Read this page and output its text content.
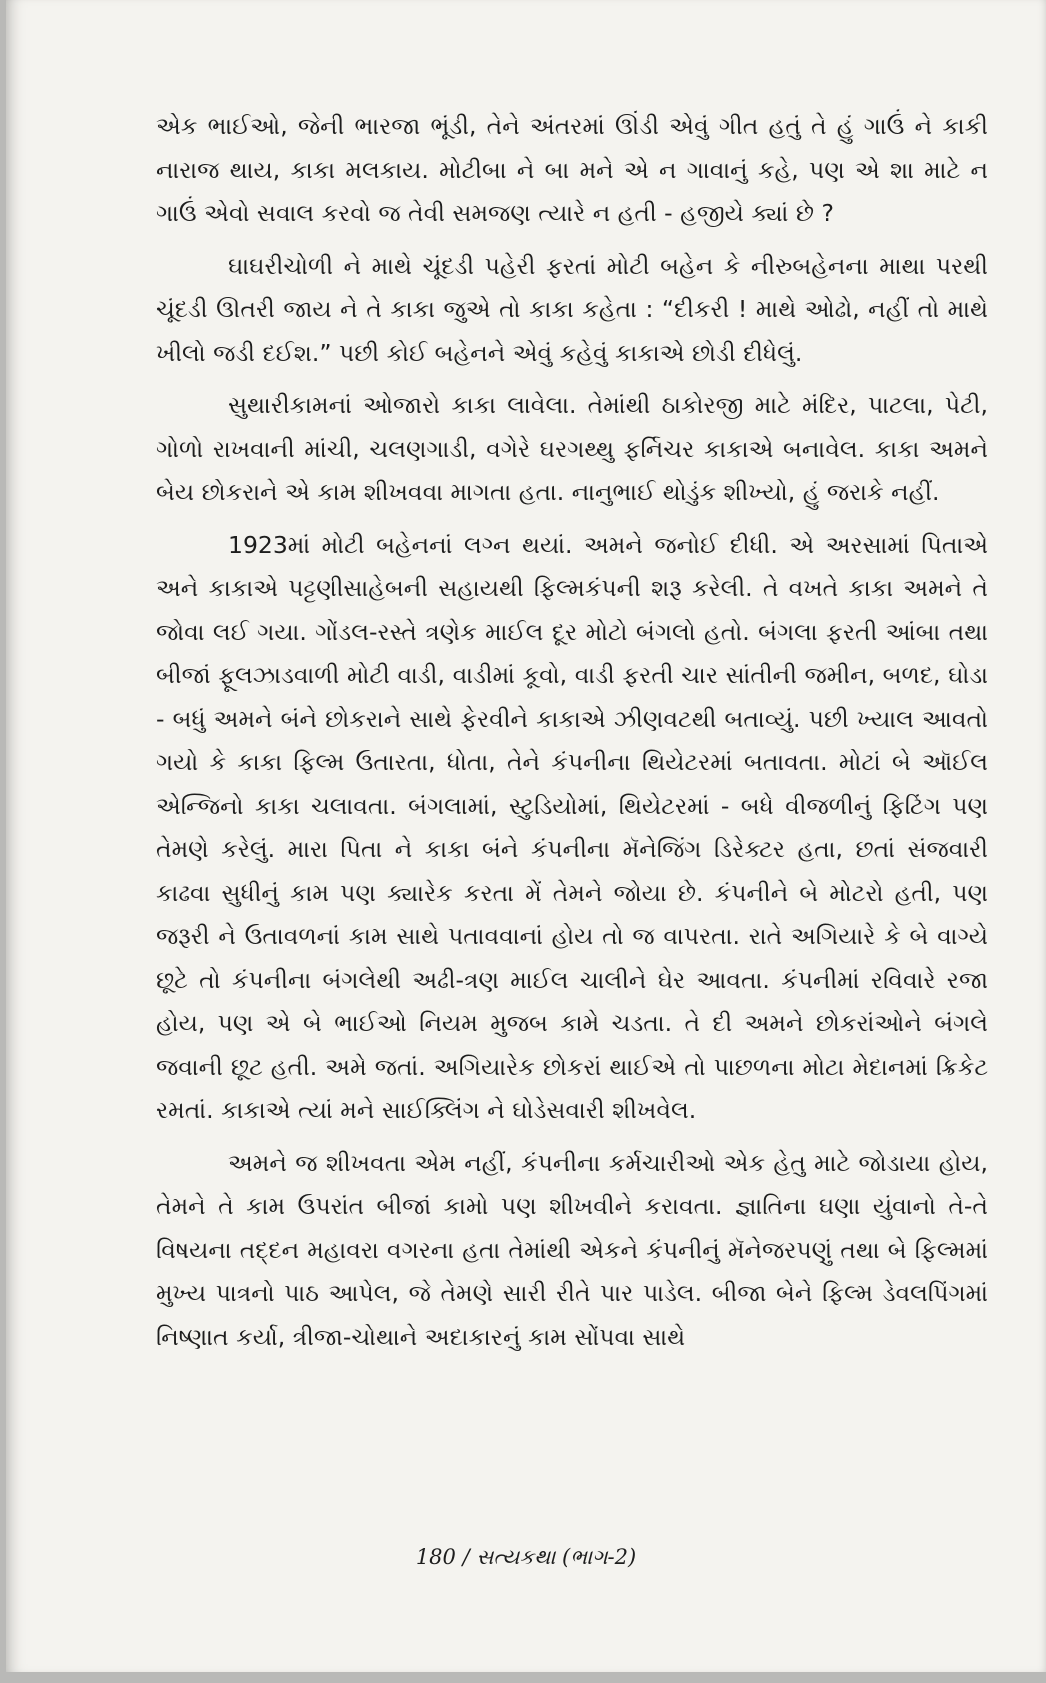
એક ભાઈઓ, જેની ભારજા ભૂંડી, તેને અંતરમાં ઊંડી એવું ગીત હતું તે હું ગાઉં ને કાકી નારાજ થાય, કાકા મલકાય. મોટીબા ને બા મને એ ન ગાવાનું કહે, પણ એ શા માટે ન ગાઉં એવો સવાલ કરવો જ તેવી સમજણ ત્યારે ન હતી - હજીયે ક્યાં છે ?

ઘાઘરીચોળી ને માથે ચૂંદડી પહેરી ફરતાં મોટી બહેન કે નીરુબહેનના માથા પરથી ચૂંદડી ઊતરી જાય ને તે કાકા જુએ તો કાકા કહેતા : “દીકરી ! માથે ઓઢો, નહીં તો માથે ખીલો જડી દઈશ.” પછી કોઈ બહેનને એવું કહેવું કાકાએ છોડી દીધેલું.

સુથારીકામનાં ઓજારો કાકા લાવેલા. તેમાંથી ઠાકોરજી માટે મંદિર, પાટલા, પેટી, ગોળો રાખવાની માંચી, ચલણગાડી, વગેરે ઘરગથ્થુ ફર્નિચર કાકાએ બનાવેલ. કાકા અમને બેય છોકરાને એ કામ શીખવવા માગતા હતા. નાનુભાઈ થોડુંક શીખ્યો, હું જરાકે નહીં.

1923માં મોટી બહેનનાં લગ્ન થયાં. અમને જનોઈ દીધી. એ અરસામાં પિતાએ અને કાકાએ પટ્ટણીસાહેબની સહાયથી ફિલ્મકંપની શરૂ કરેલી. તે વખતે કાકા અમને તે જોવા લઈ ગયા. ગોંડલ-રસ્તે ત્રણેક માઈલ દૂર મોટો બંગલો હતો. બંગલા ફરતી આંબા તથા બીજાં ફૂલઝાડવાળી મોટી વાડી, વાડીમાં કૂવો, વાડી ફરતી ચાર સાંતીની જમીન, બળદ, ઘોડા - બધું અમને બંને છોકરાને સાથે ફેરવીને કાકાએ ઝીણવટથી બતાવ્યું. પછી ખ્યાલ આવતો ગયો કે કાકા ફિલ્મ ઉતારતા, ધોતા, તેને કંપનીના થિયેટરમાં બતાવતા. મોટાં બે ઑઈલ એન્જિનો કાકા ચલાવતા. બંગલામાં, સ્ટુડિયોમાં, થિયેટરમાં - બધે વીજળીનું ફિટિંગ પણ તેમણે કરેલું. મારા પિતા ને કાકા બંને કંપનીના મૅનેજિંગ ડિરેક્ટર હતા, છતાં સંજવારી કાઢવા સુધીનું કામ પણ ક્યારેક કરતા મેં તેમને જોયા છે. કંપનીને બે મોટરો હતી, પણ જરૂરી ને ઉતાવળનાં કામ સાથે પતાવવાનાં હોય તો જ વાપરતા. રાતે અગિયારે કે બે વાગ્યે છૂટે તો કંપનીના બંગલેથી અઢી-ત્રણ માઈલ ચાલીને ઘેર આવતા. કંપનીમાં રવિવારે રજા હોય, પણ એ બે ભાઈઓ નિયમ મુજબ કામે ચડતા. તે દી અમને છોકરાંઓને બંગલે જવાની છૂટ હતી. અમે જતાં. અગિયારેક છોકરાં થાઈએ તો પાછળના મોટા મેદાનમાં ક્રિકેટ રમતાં. કાકાએ ત્યાં મને સાઈક્લિંગ ને ઘોડેસવારી શીખવેલ.

અમને જ શીખવતા એમ નહીં, કંપનીના કર્મચારીઓ એક હેતુ માટે જોડાયા હોય, તેમને તે કામ ઉપરાંત બીજાં કામો પણ શીખવીને કરાવતા. જ્ઞાતિના ઘણા યુંવાનો તે-તે વિષયના તદ્દન મહાવરા વગરના હતા તેમાંથી એકને કંપનીનું મૅનેજરપણું તથા બે ફિલ્મમાં મુખ્ય પાત્રનો પાઠ આપેલ, જે તેમણે સારી રીતે પાર પાડેલ. બીજા બેને ફિલ્મ ડેવલપિંગમાં નિષ્ણાત કર્યા, ત્રીજા-ચોથાને અદાકારનું કામ સોંપવા સાથે

180 / સત્યકથા (ભાગ-2)
